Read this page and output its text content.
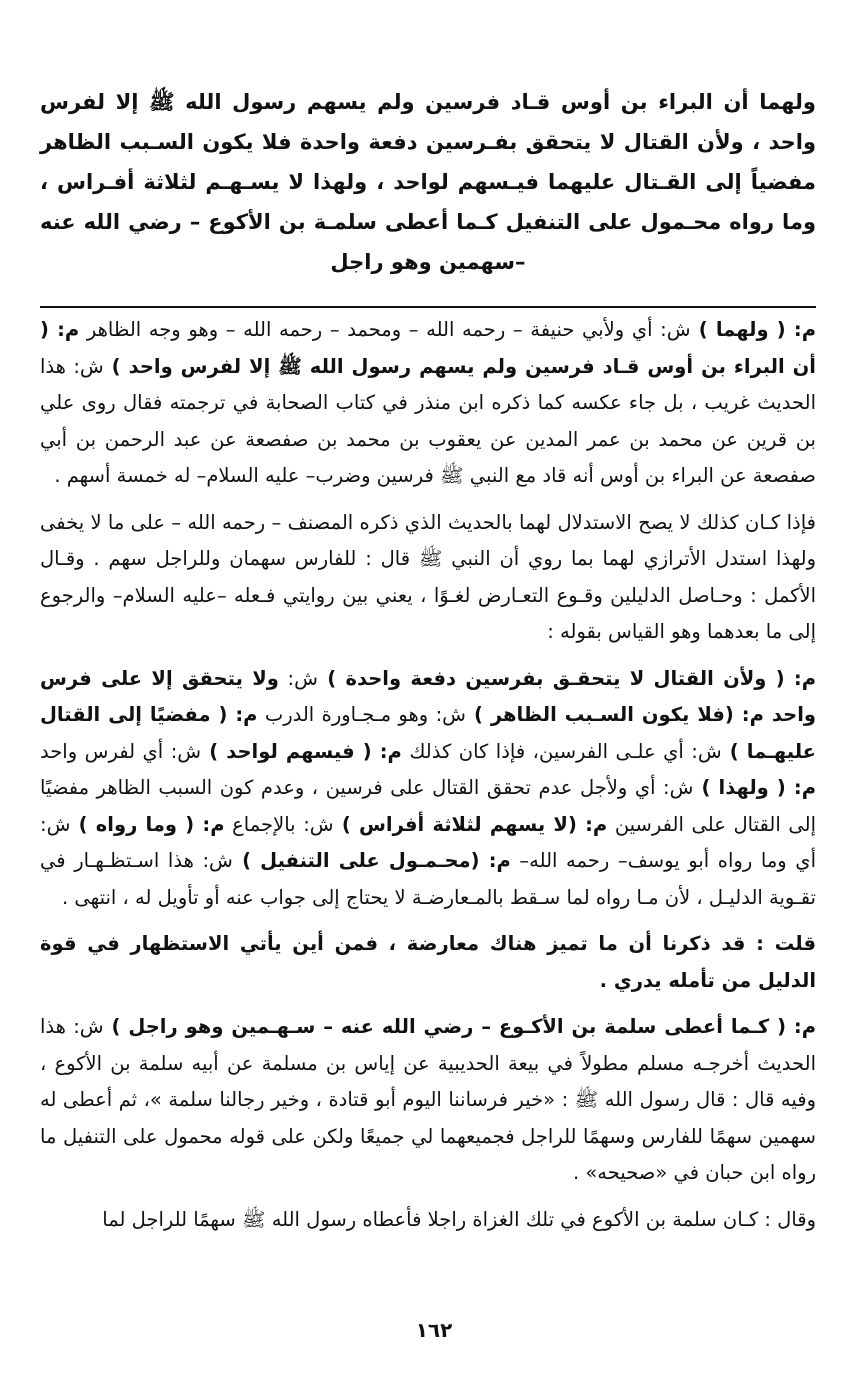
ولهما أن البراء بن أوس قـاد فرسين ولم يسهم رسول الله ﷺ إلا لفرس واحد ، ولأن القتال لا يتحقق بفـرسين دفعة واحدة فلا يكون السـبب الظاهر مفضياً إلى القـتال عليهما فيـسهم لواحد ، ولهذا لا يسـهـم لثلاثة أفـراس ، وما رواه محـمول على التنفيل كـما أعطى سلمـة بن الأكوع – رضي الله عنه –سهمين وهو راجل

م: ( ولهما ) ش: أي ولأبي حنيفة – رحمه الله – ومحمد – رحمه الله – وهو وجه الظاهر م: ( أن البراء بن أوس قـاد فرسين ولم يسهم رسول الله ﷺ إلا لفرس واحد ) ش: هذا الحديث غريب ، بل جاء عكسه كما ذكره ابن منذر في كتاب الصحابة في ترجمته فقال روى علي بن قرين عن محمد بن عمر المدين عن يعقوب بن محمد بن صفصعة عن عبد الرحمن بن أبي صفصعة عن البراء بن أوس أنه قاد مع النبي ﷺ فرسين وضرب– عليه السلام– له خمسة أسهم .

فإذا كـان كذلك لا يصح الاستدلال لهما بالحديث الذي ذكره المصنف – رحمه الله – على ما لا يخفى ولهذا استدل الأترازي لهما بما روي أن النبي ﷺ قال : للفارس سهمان وللراجل سهم . وقـال الأكمل : وحـاصل الدليلين وقـوع التعـارض لغـوًا ، يعني بين روايتي فـعله –عليه السلام– والرجوع إلى ما بعدهما وهو القياس بقوله :

م: ( ولأن القتال لا يتحقـق بفرسين دفعة واحدة ) ش: ولا يتحقق إلا على فرس واحد م: (فلا يكون السـبب الظاهر ) ش: وهو مـجـاورة الدرب م: ( مفضيًا إلى القتال عليهـما ) ش: أي علـى الفرسين، فإذا كان كذلك م: ( فيسهم لواحد ) ش: أي لفرس واحد م: ( ولهذا ) ش: أي ولأجل عدم تحقق القتال على فرسين ، وعدم كون السبب الظاهر مفضيًا إلى القتال على الفرسين م: (لا يسهم لثلاثة أفراس ) ش: بالإجماع م: ( وما رواه ) ش: أي وما رواه أبو يوسف– رحمه الله– م: (محـمـول على التنفيل ) ش: هذا اسـتظـهـار في تقـوية الدليـل ، لأن مـا رواه لما سـقط بالمـعارضـة لا يحتاج إلى جواب عنه أو تأويل له ، انتهى .

قلت : قد ذكرنا أن ما تميز هناك معارضة ، فمن أين يأتي الاستظهار في قوة الدليل من تأمله يدري .

م: ( كـما أعطى سلمة بن الأكـوع – رضي الله عنه – سـهـمين وهو راجل ) ش: هذا الحديث أخرجـه مسلم مطولاً في بيعة الحديبية عن إياس بن مسلمة عن أبيه سلمة بن الأكوع ، وفيه قال : قال رسول الله ﷺ : «خير فرساننا اليوم أبو قتادة ، وخير رجالنا سلمة »، ثم أعطى له سهمين سهمًا للفارس وسهمًا للراجل فجميعهما لي جميعًا ولكن على قوله محمول على التنفيل ما رواه ابن حبان في «صحيحه» .

وقال : كـان سلمة بن الأكوع في تلك الغزاة راجلا فأعطاه رسول الله ﷺ سهمًا للراجل لما

١٦٢
